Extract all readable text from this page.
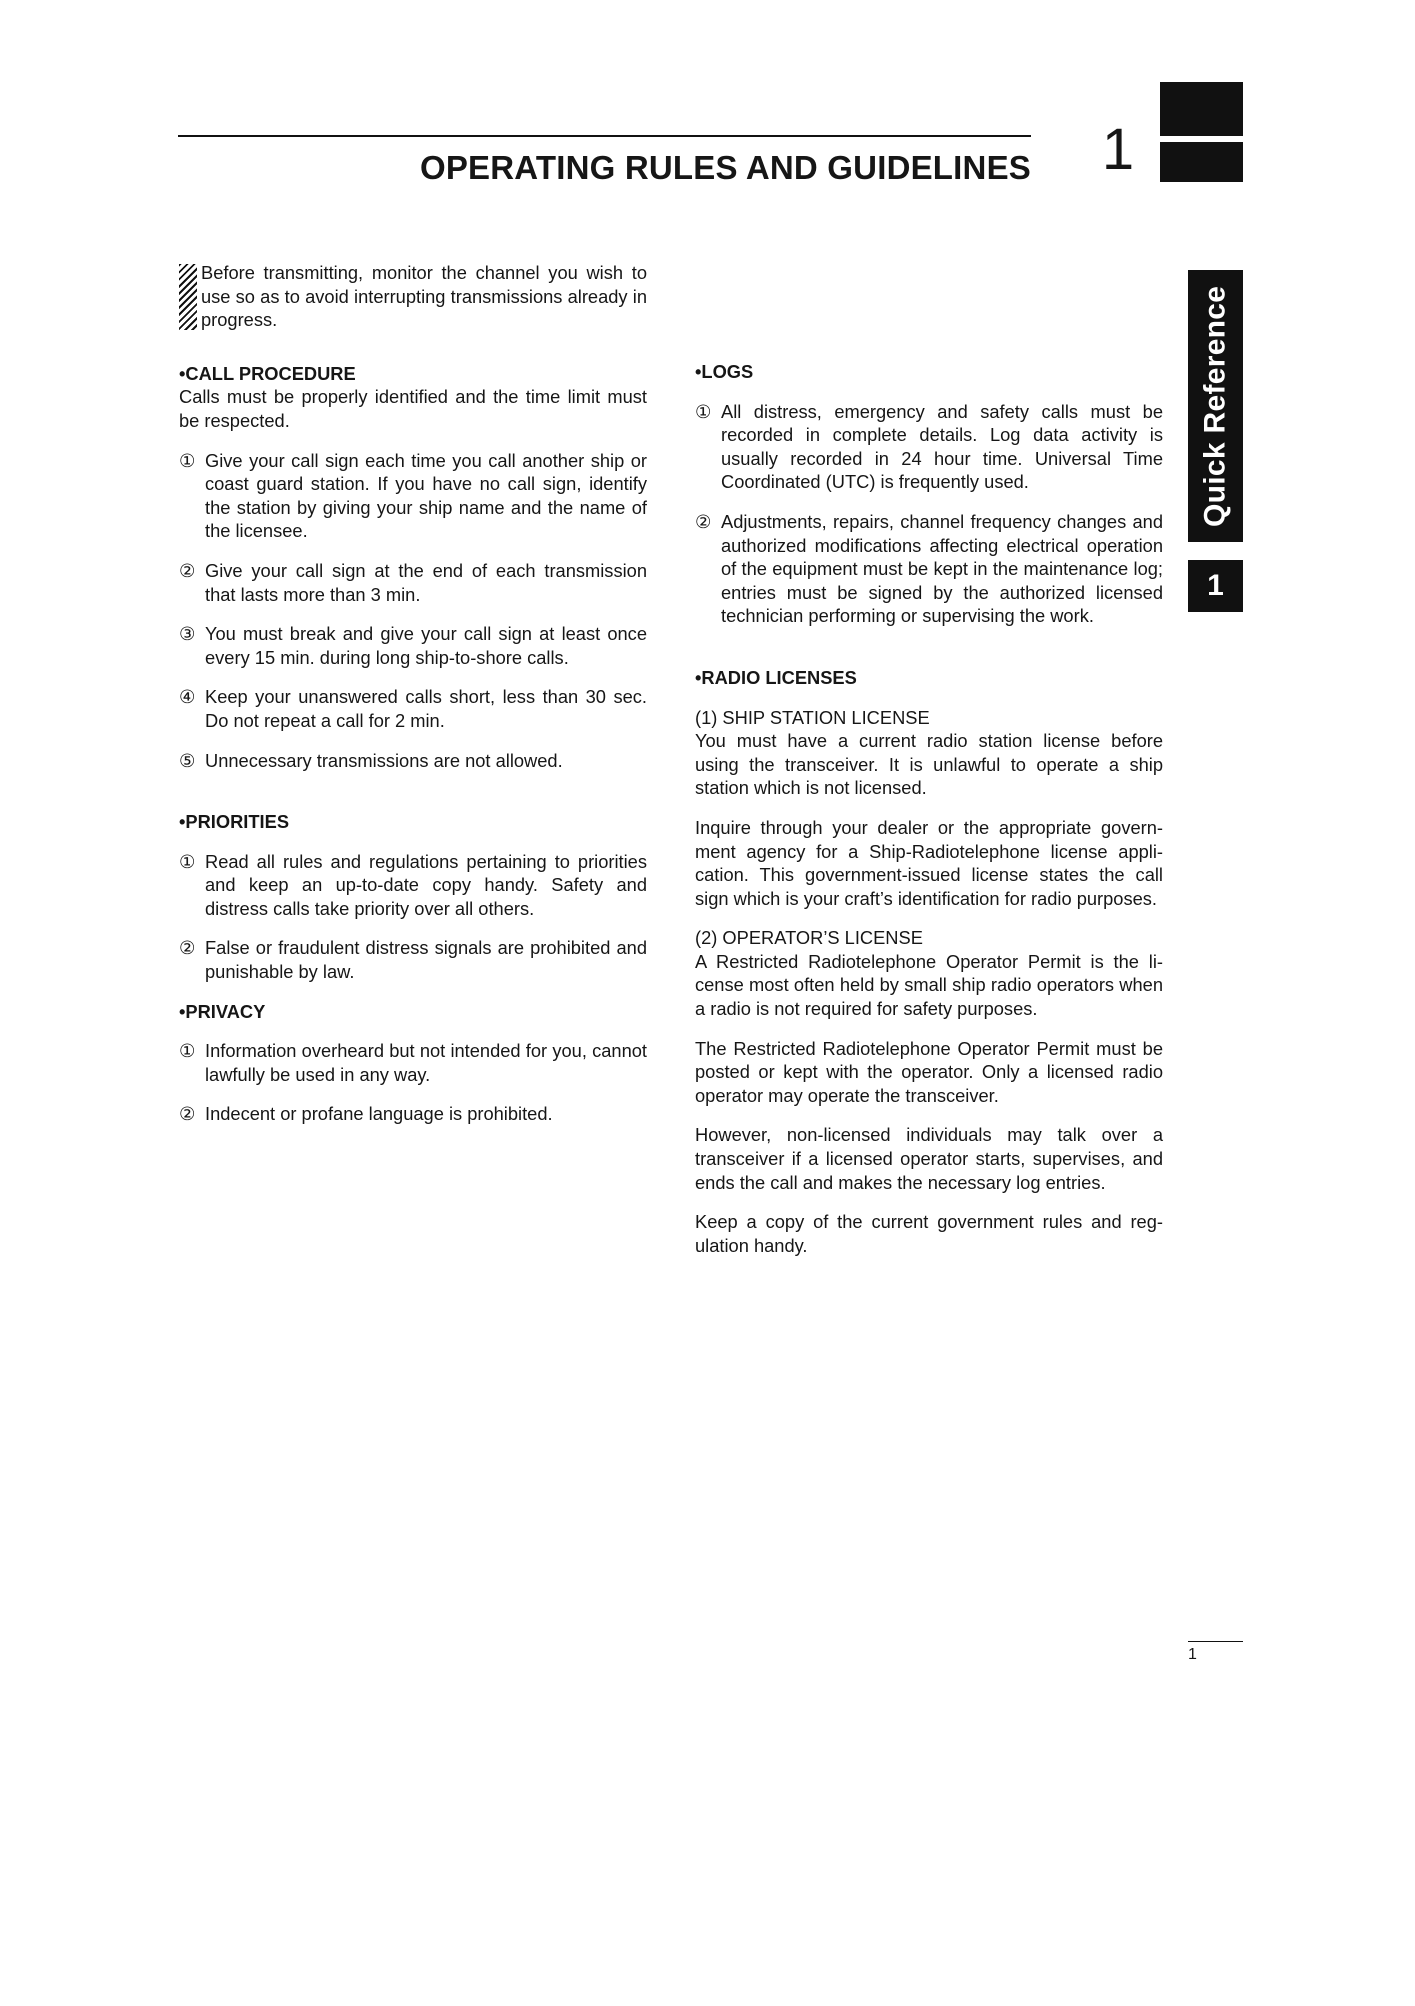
OPERATING RULES AND GUIDELINES 1
Quick Reference
1

Before transmitting, monitor the channel you wish to use so as to avoid interrupting transmissions already in progress.

•CALL PROCEDURE

Calls must be properly identified and the time limit must be respected.

① Give your call sign each time you call another ship or coast guard station. If you have no call sign, identify the station by giving your ship name and the name of the licensee.

② Give your call sign at the end of each transmission that lasts more than 3 min.

③ You must break and give your call sign at least once every 15 min. during long ship-to-shore calls.

④ Keep your unanswered calls short, less than 30 sec. Do not repeat a call for 2 min.

⑤ Unnecessary transmissions are not allowed.

•PRIORITIES

① Read all rules and regulations pertaining to priorities and keep an up-to-date copy handy. Safety and distress calls take priority over all others.

② False or fraudulent distress signals are prohibited and punishable by law.

•PRIVACY

① Information overheard but not intended for you, cannot lawfully be used in any way.

② Indecent or profane language is prohibited.

•LOGS

① All distress, emergency and safety calls must be recorded in complete details. Log data activity is usually recorded in 24 hour time. Universal Time Coordinated (UTC) is frequently used.

② Adjustments, repairs, channel frequency changes and authorized modifications affecting electrical operation of the equipment must be kept in the maintenance log; entries must be signed by the authorized licensed technician performing or supervising the work.

•RADIO LICENSES

(1) SHIP STATION LICENSE

You must have a current radio station license before using the transceiver. It is unlawful to operate a ship station which is not licensed.

Inquire through your dealer or the appropriate government agency for a Ship-Radiotelephone license application. This government-issued license states the call sign which is your craft’s identification for radio purposes.

(2) OPERATOR’S LICENSE

A Restricted Radiotelephone Operator Permit is the license most often held by small ship radio operators when a radio is not required for safety purposes.

The Restricted Radiotelephone Operator Permit must be posted or kept with the operator. Only a licensed radio operator may operate the transceiver.

However, non-licensed individuals may talk over a transceiver if a licensed operator starts, supervises, and ends the call and makes the necessary log entries.

Keep a copy of the current government rules and regulation handy.

1
